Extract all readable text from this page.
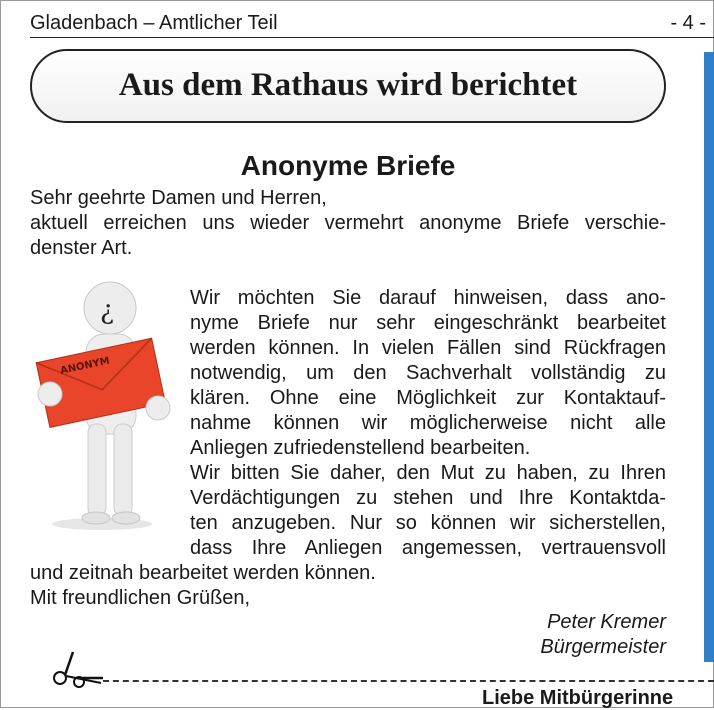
Gladenbach – Amtlicher Teil	- 4 -
Aus dem Rathaus wird berichtet
Anonyme Briefe
Sehr geehrte Damen und Herren,
aktuell erreichen uns wieder vermehrt anonyme Briefe verschie-
denster Art.
¿
ANONYM
Wir möchten Sie darauf hinweisen, dass ano-
nyme Briefe nur sehr eingeschränkt bearbeitet
werden können. In vielen Fällen sind Rückfragen
notwendig, um den Sachverhalt vollständig zu
klären. Ohne eine Möglichkeit zur Kontaktauf-
nahme können wir möglicherweise nicht alle
Anliegen zufriedenstellend bearbeiten.
Wir bitten Sie daher, den Mut zu haben, zu Ihren
Verdächtigungen zu stehen und Ihre Kontaktda-
ten anzugeben. Nur so können wir sicherstellen,
dass Ihre Anliegen angemessen, vertrauensvoll
und zeitnah bearbeitet werden können.
Mit freundlichen Grüßen,
Peter Kremer
Bürgermeister
Liebe Mitbürgerinne
